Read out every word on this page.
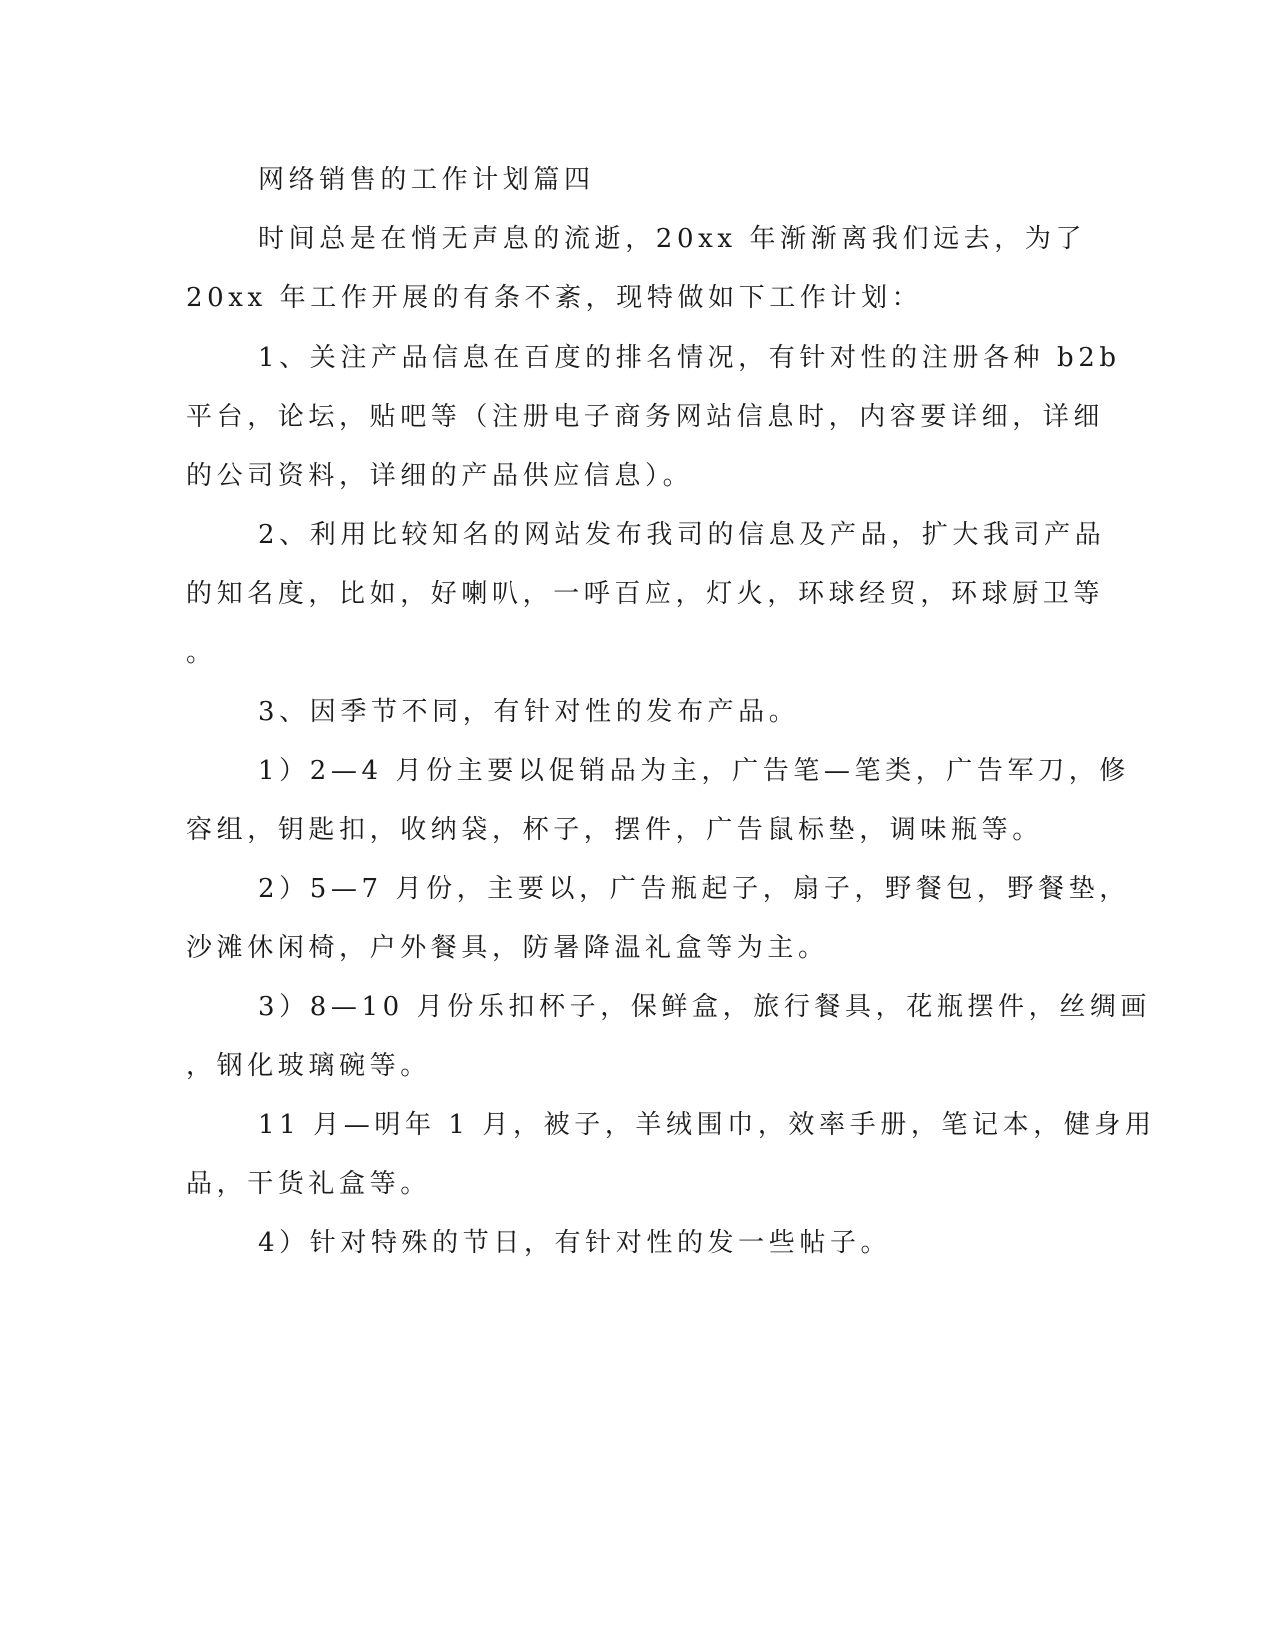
网络销售的工作计划篇四
时间总是在悄无声息的流逝，20xx 年渐渐离我们远去，为了
20xx 年工作开展的有条不紊，现特做如下工作计划：
1、关注产品信息在百度的排名情况，有针对性的注册各种 b2b
平台，论坛，贴吧等（注册电子商务网站信息时，内容要详细，详细
的公司资料，详细的产品供应信息）。
2、利用比较知名的网站发布我司的信息及产品，扩大我司产品
的知名度，比如，好喇叭，一呼百应，灯火，环球经贸，环球厨卫等
。
3、因季节不同，有针对性的发布产品。
1）2—4 月份主要以促销品为主，广告笔—笔类，广告军刀，修
容组，钥匙扣，收纳袋，杯子，摆件，广告鼠标垫，调味瓶等。
2）5—7 月份，主要以，广告瓶起子，扇子，野餐包，野餐垫，
沙滩休闲椅，户外餐具，防暑降温礼盒等为主。
3）8—10 月份乐扣杯子，保鲜盒，旅行餐具，花瓶摆件，丝绸画
，钢化玻璃碗等。
11 月—明年 1 月，被子，羊绒围巾，效率手册，笔记本，健身用
品，干货礼盒等。
4）针对特殊的节日，有针对性的发一些帖子。
